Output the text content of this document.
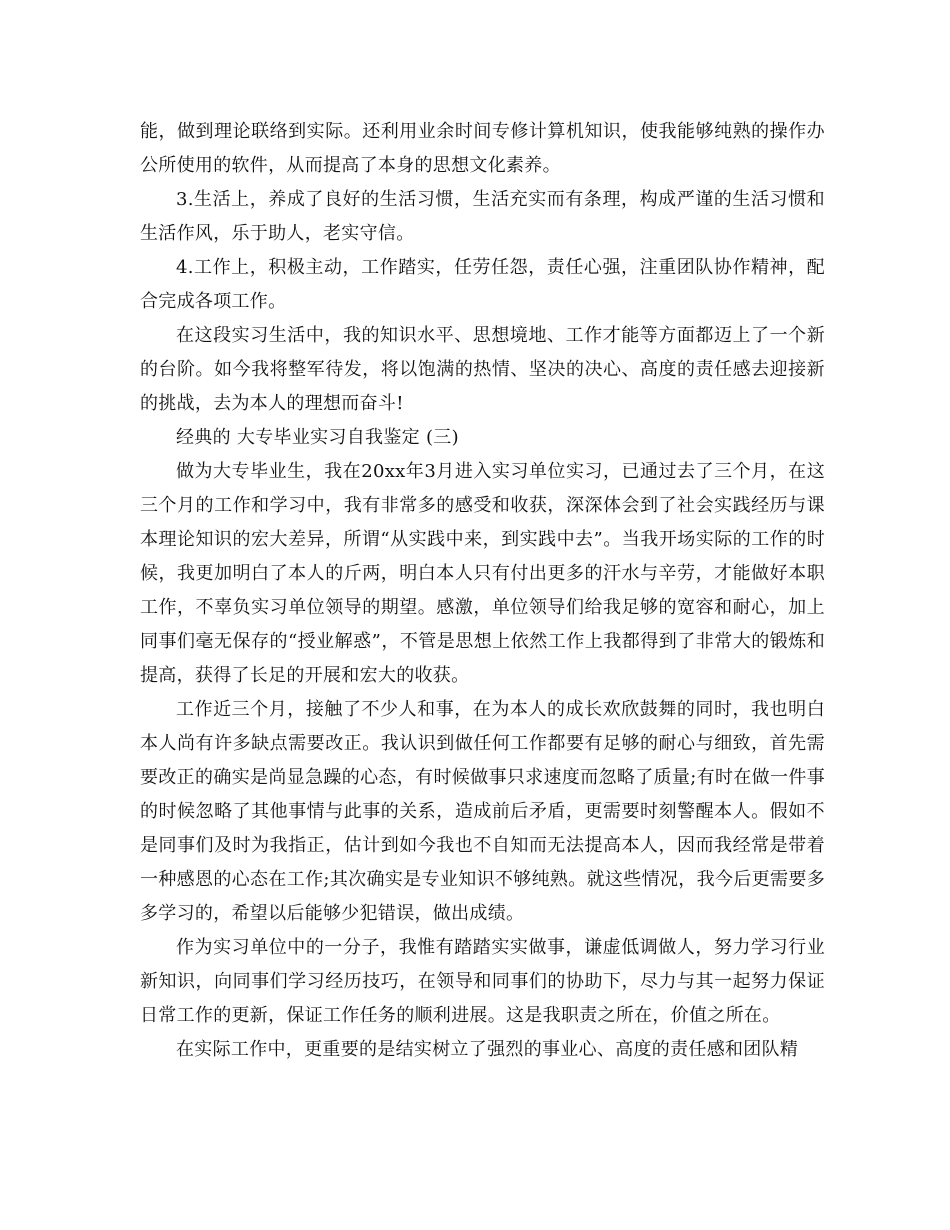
能，做到理论联络到实际。还利用业余时间专修计算机知识，使我能够纯熟的操作办公所使用的软件，从而提高了本身的思想文化素养。

3.生活上，养成了良好的生活习惯，生活充实而有条理，构成严谨的生活习惯和生活作风，乐于助人，老实守信。

4.工作上，积极主动，工作踏实，任劳任怨，责任心强，注重团队协作精神，配合完成各项工作。

在这段实习生活中，我的知识水平、思想境地、工作才能等方面都迈上了一个新的台阶。如今我将整军待发，将以饱满的热情、坚决的决心、高度的责任感去迎接新的挑战，去为本人的理想而奋斗!

经典的 大专毕业实习自我鉴定 (三)

做为大专毕业生，我在20xx年3月进入实习单位实习，已通过去了三个月，在这三个月的工作和学习中，我有非常多的感受和收获，深深体会到了社会实践经历与课本理论知识的宏大差异，所谓“从实践中来，到实践中去”。当我开场实际的工作的时候，我更加明白了本人的斤两，明白本人只有付出更多的汗水与辛劳，才能做好本职工作，不辜负实习单位领导的期望。感激，单位领导们给我足够的宽容和耐心，加上同事们毫无保存的“授业解惑”，不管是思想上依然工作上我都得到了非常大的锻炼和提高，获得了长足的开展和宏大的收获。

工作近三个月，接触了不少人和事，在为本人的成长欢欣鼓舞的同时，我也明白本人尚有许多缺点需要改正。我认识到做任何工作都要有足够的耐心与细致，首先需要改正的确实是尚显急躁的心态，有时候做事只求速度而忽略了质量;有时在做一件事的时候忽略了其他事情与此事的关系，造成前后矛盾，更需要时刻警醒本人。假如不是同事们及时为我指正，估计到如今我也不自知而无法提高本人，因而我经常是带着一种感恩的心态在工作;其次确实是专业知识不够纯熟。就这些情况，我今后更需要多多学习的，希望以后能够少犯错误，做出成绩。

作为实习单位中的一分子，我惟有踏踏实实做事，谦虚低调做人，努力学习行业新知识，向同事们学习经历技巧，在领导和同事们的协助下，尽力与其一起努力保证日常工作的更新，保证工作任务的顺利进展。这是我职责之所在，价值之所在。

在实际工作中，更重要的是结实树立了强烈的事业心、高度的责任感和团队精
